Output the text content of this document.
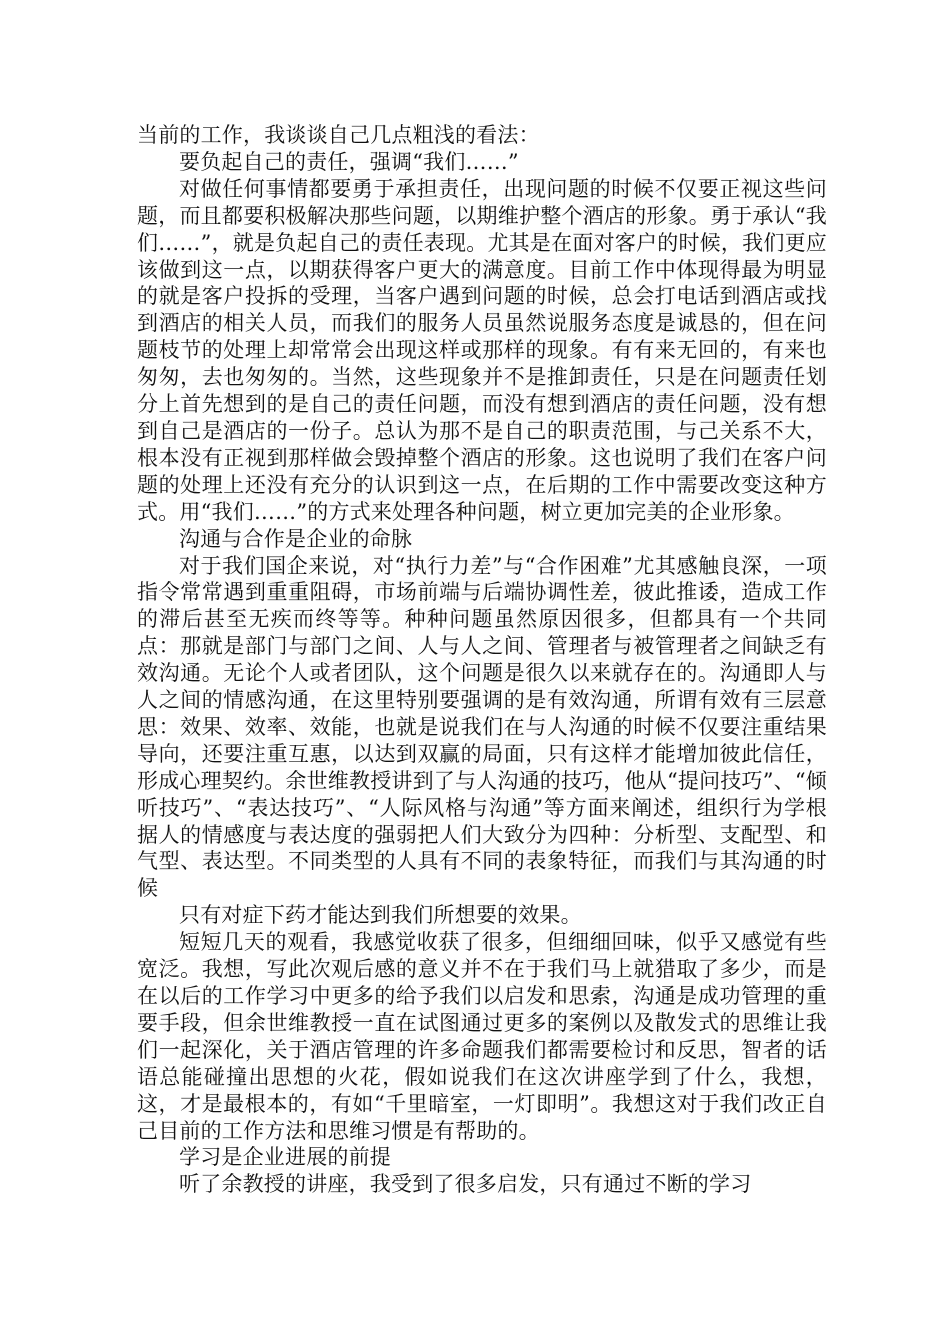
当前的工作，我谈谈自己几点粗浅的看法：

要负起自己的责任，强调“我们……”

对做任何事情都要勇于承担责任，出现问题的时候不仅要正视这些问题，而且都要积极解决那些问题，以期维护整个酒店的形象。勇于承认“我们……”，就是负起自己的责任表现。尤其是在面对客户的时候，我们更应该做到这一点，以期获得客户更大的满意度。目前工作中体现得最为明显的就是客户投拆的受理，当客户遇到问题的时候，总会打电话到酒店或找到酒店的相关人员，而我们的服务人员虽然说服务态度是诚恳的，但在问题枝节的处理上却常常会出现这样或那样的现象。有有来无回的，有来也匆匆，去也匆匆的。当然，这些现象并不是推卸责任，只是在问题责任划分上首先想到的是自己的责任问题，而没有想到酒店的责任问题，没有想到自己是酒店的一份子。总认为那不是自己的职责范围，与己关系不大，根本没有正视到那样做会毁掉整个酒店的形象。这也说明了我们在客户问题的处理上还没有充分的认识到这一点，在后期的工作中需要改变这种方式。用“我们……”的方式来处理各种问题，树立更加完美的企业形象。

沟通与合作是企业的命脉

对于我们国企来说，对“执行力差”与“合作困难”尤其感触良深，一项指令常常遇到重重阻碍，市场前端与后端协调性差，彼此推诿，造成工作的滞后甚至无疾而终等等。种种问题虽然原因很多，但都具有一个共同点：那就是部门与部门之间、人与人之间、管理者与被管理者之间缺乏有效沟通。无论个人或者团队，这个问题是很久以来就存在的。沟通即人与人之间的情感沟通，在这里特别要强调的是有效沟通，所谓有效有三层意思：效果、效率、效能，也就是说我们在与人沟通的时候不仅要注重结果导向，还要注重互惠，以达到双赢的局面，只有这样才能增加彼此信任，形成心理契约。余世维教授讲到了与人沟通的技巧，他从“提问技巧”、“倾听技巧”、“表达技巧”、“人际风格与沟通”等方面来阐述，组织行为学根据人的情感度与表达度的强弱把人们大致分为四种：分析型、支配型、和气型、表达型。不同类型的人具有不同的表象特征，而我们与其沟通的时候

只有对症下药才能达到我们所想要的效果。

短短几天的观看，我感觉收获了很多，但细细回味，似乎又感觉有些宽泛。我想，写此次观后感的意义并不在于我们马上就猎取了多少，而是在以后的工作学习中更多的给予我们以启发和思索，沟通是成功管理的重要手段，但余世维教授一直在试图通过更多的案例以及散发式的思维让我们一起深化，关于酒店管理的许多命题我们都需要检讨和反思，智者的话语总能碰撞出思想的火花，假如说我们在这次讲座学到了什么，我想，这，才是最根本的，有如“千里暗室，一灯即明”。我想这对于我们改正自己目前的工作方法和思维习惯是有帮助的。

学习是企业进展的前提

听了余教授的讲座，我受到了很多启发，只有通过不断的学习
